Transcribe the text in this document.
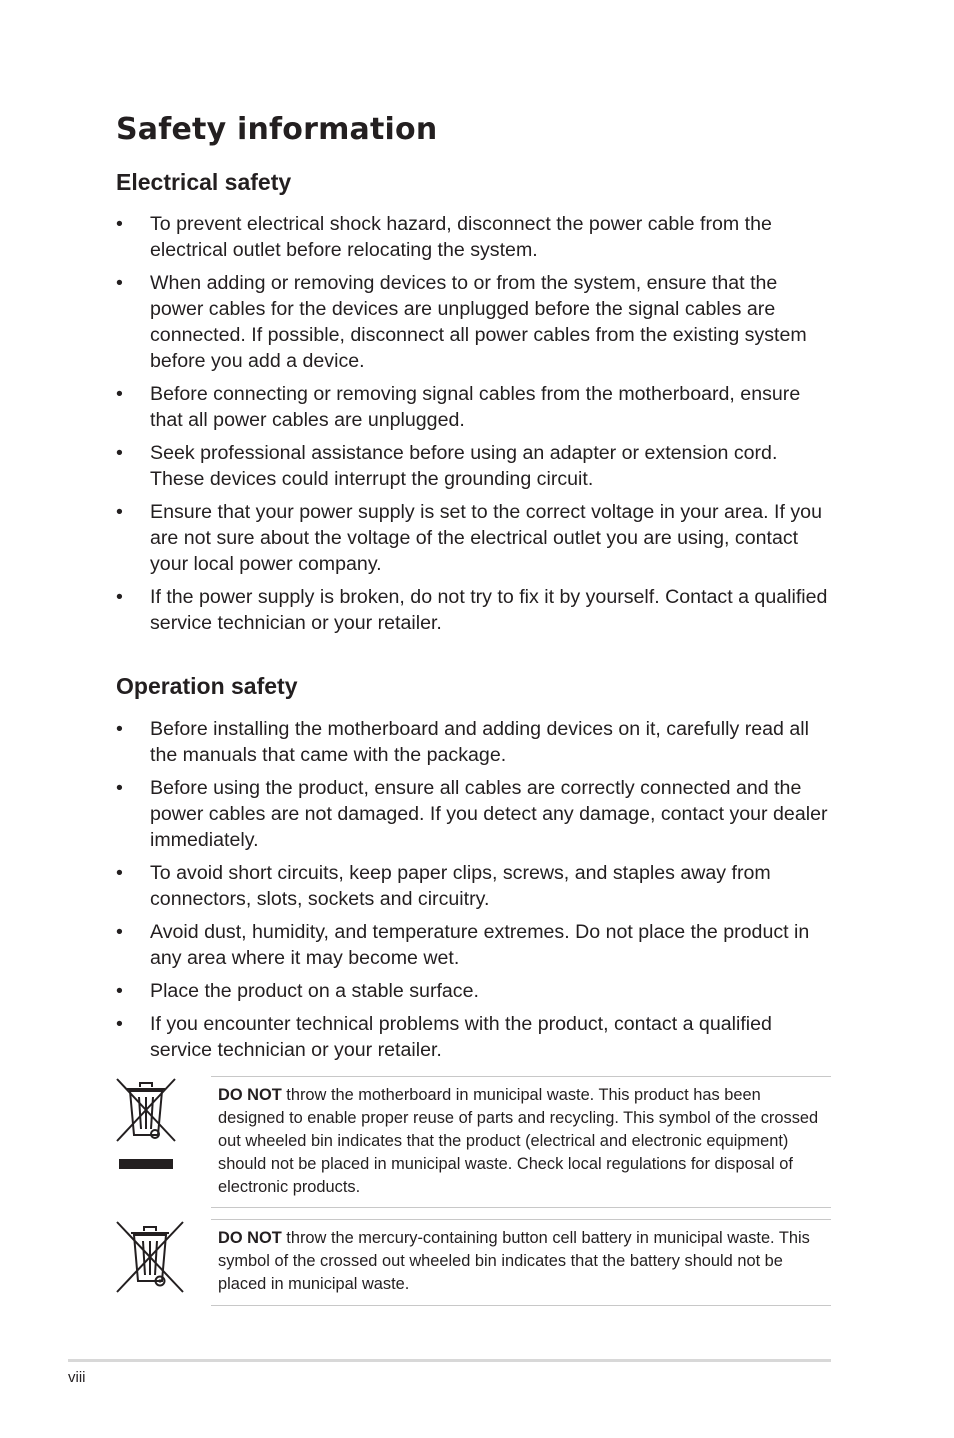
Safety information
Electrical safety
• To prevent electrical shock hazard, disconnect the power cable from the electrical outlet before relocating the system.
• When adding or removing devices to or from the system, ensure that the power cables for the devices are unplugged before the signal cables are connected. If possible, disconnect all power cables from the existing system before you add a device.
• Before connecting or removing signal cables from the motherboard, ensure that all power cables are unplugged.
• Seek professional assistance before using an adapter or extension cord. These devices could interrupt the grounding circuit.
• Ensure that your power supply is set to the correct voltage in your area. If you are not sure about the voltage of the electrical outlet you are using, contact your local power company.
• If the power supply is broken, do not try to fix it by yourself. Contact a qualified service technician or your retailer.
Operation safety
• Before installing the motherboard and adding devices on it, carefully read all the manuals that came with the package.
• Before using the product, ensure all cables are correctly connected and the power cables are not damaged. If you detect any damage, contact your dealer immediately.
• To avoid short circuits, keep paper clips, screws, and staples away from connectors, slots, sockets and circuitry.
• Avoid dust, humidity, and temperature extremes. Do not place the product in any area where it may become wet.
• Place the product on a stable surface.
• If you encounter technical problems with the product, contact a qualified service technician or your retailer.
DO NOT throw the motherboard in municipal waste. This product has been designed to enable proper reuse of parts and recycling. This symbol of the crossed out wheeled bin indicates that the product (electrical and electronic equipment) should not be placed in municipal waste. Check local regulations for disposal of electronic products.
DO NOT throw the mercury-containing button cell battery in municipal waste. This symbol of the crossed out wheeled bin indicates that the battery should not be placed in municipal waste.
viii
